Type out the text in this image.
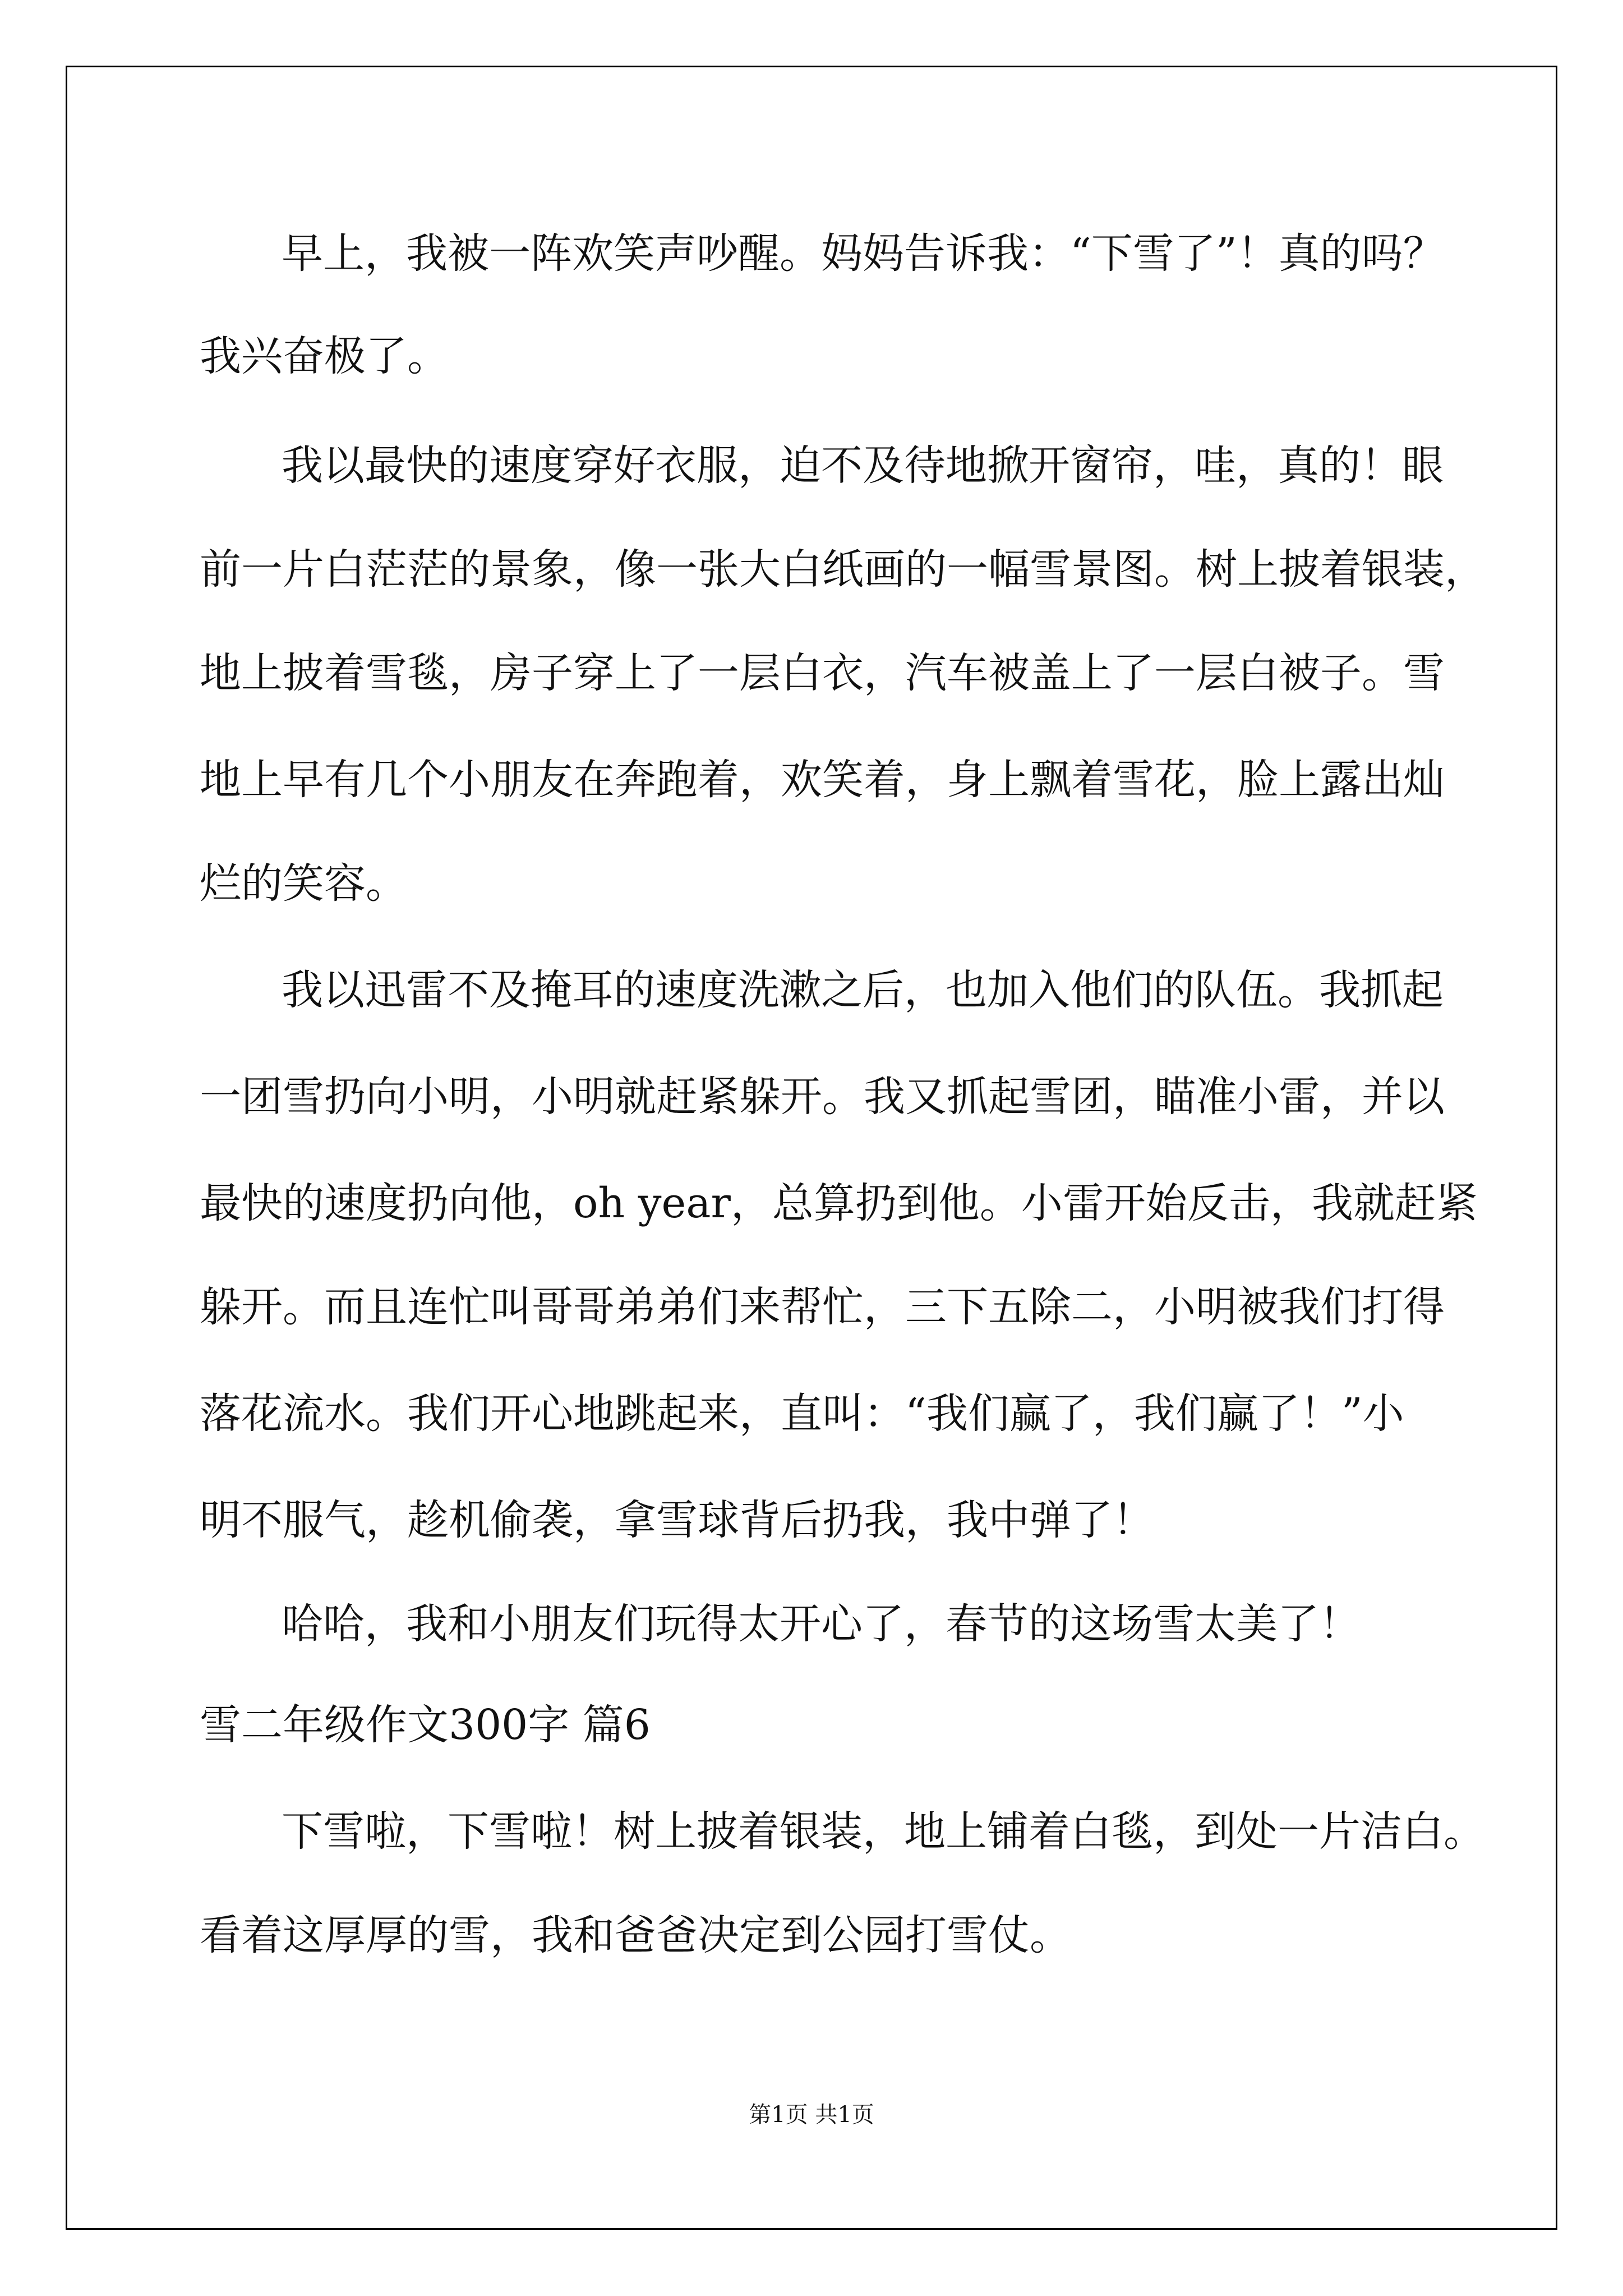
早上，我被一阵欢笑声吵醒。妈妈告诉我：“下雪了”！真的吗？

我兴奋极了。

我以最快的速度穿好衣服，迫不及待地掀开窗帘，哇，真的！眼

前一片白茫茫的景象，像一张大白纸画的一幅雪景图。树上披着银装，

地上披着雪毯，房子穿上了一层白衣，汽车被盖上了一层白被子。雪

地上早有几个小朋友在奔跑着，欢笑着，身上飘着雪花，脸上露出灿

烂的笑容。

我以迅雷不及掩耳的速度洗漱之后，也加入他们的队伍。我抓起

一团雪扔向小明，小明就赶紧躲开。我又抓起雪团，瞄准小雷，并以

最快的速度扔向他，oh year，总算扔到他。小雷开始反击，我就赶紧

躲开。而且连忙叫哥哥弟弟们来帮忙，三下五除二，小明被我们打得

落花流水。我们开心地跳起来，直叫：“我们赢了，我们赢了！”小

明不服气，趁机偷袭，拿雪球背后扔我，我中弹了！

哈哈，我和小朋友们玩得太开心了，春节的这场雪太美了！

雪二年级作文300字 篇6

下雪啦，下雪啦！树上披着银装，地上铺着白毯，到处一片洁白。

看着这厚厚的雪，我和爸爸决定到公园打雪仗。

第1页 共1页
